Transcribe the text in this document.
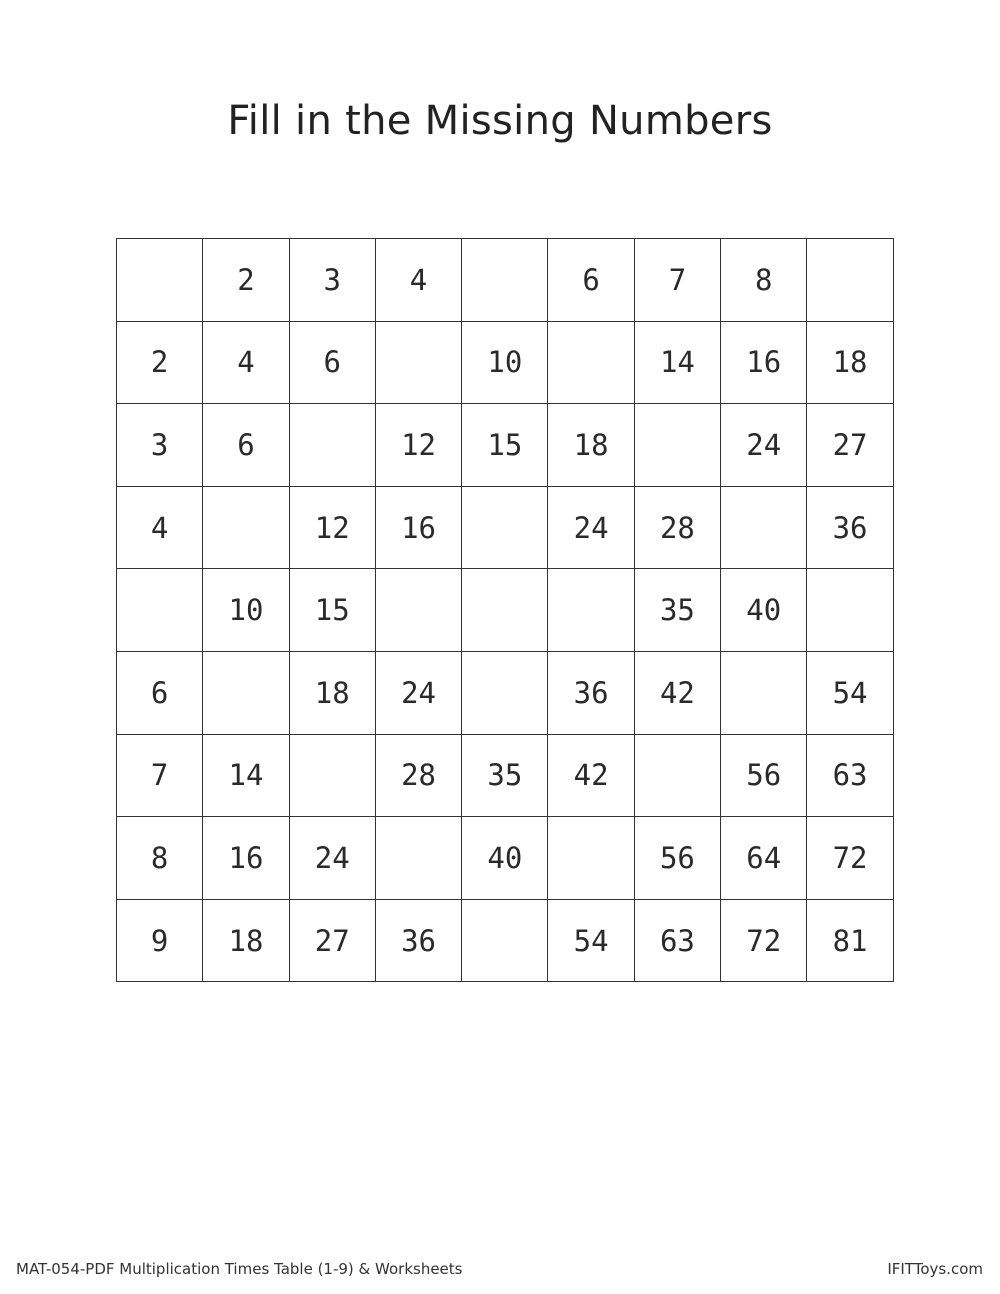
Fill in the Missing Numbers
	2	3	4		6	7	8	
2	4	6		10		14	16	18
3	6		12	15	18		24	27
4		12	16		24	28		36
	10	15				35	40	
6		18	24		36	42		54
7	14		28	35	42		56	63
8	16	24		40		56	64	72
9	18	27	36		54	63	72	81
MAT-054-PDF Multiplication Times Table (1-9) & Worksheets	IFITToys.com
